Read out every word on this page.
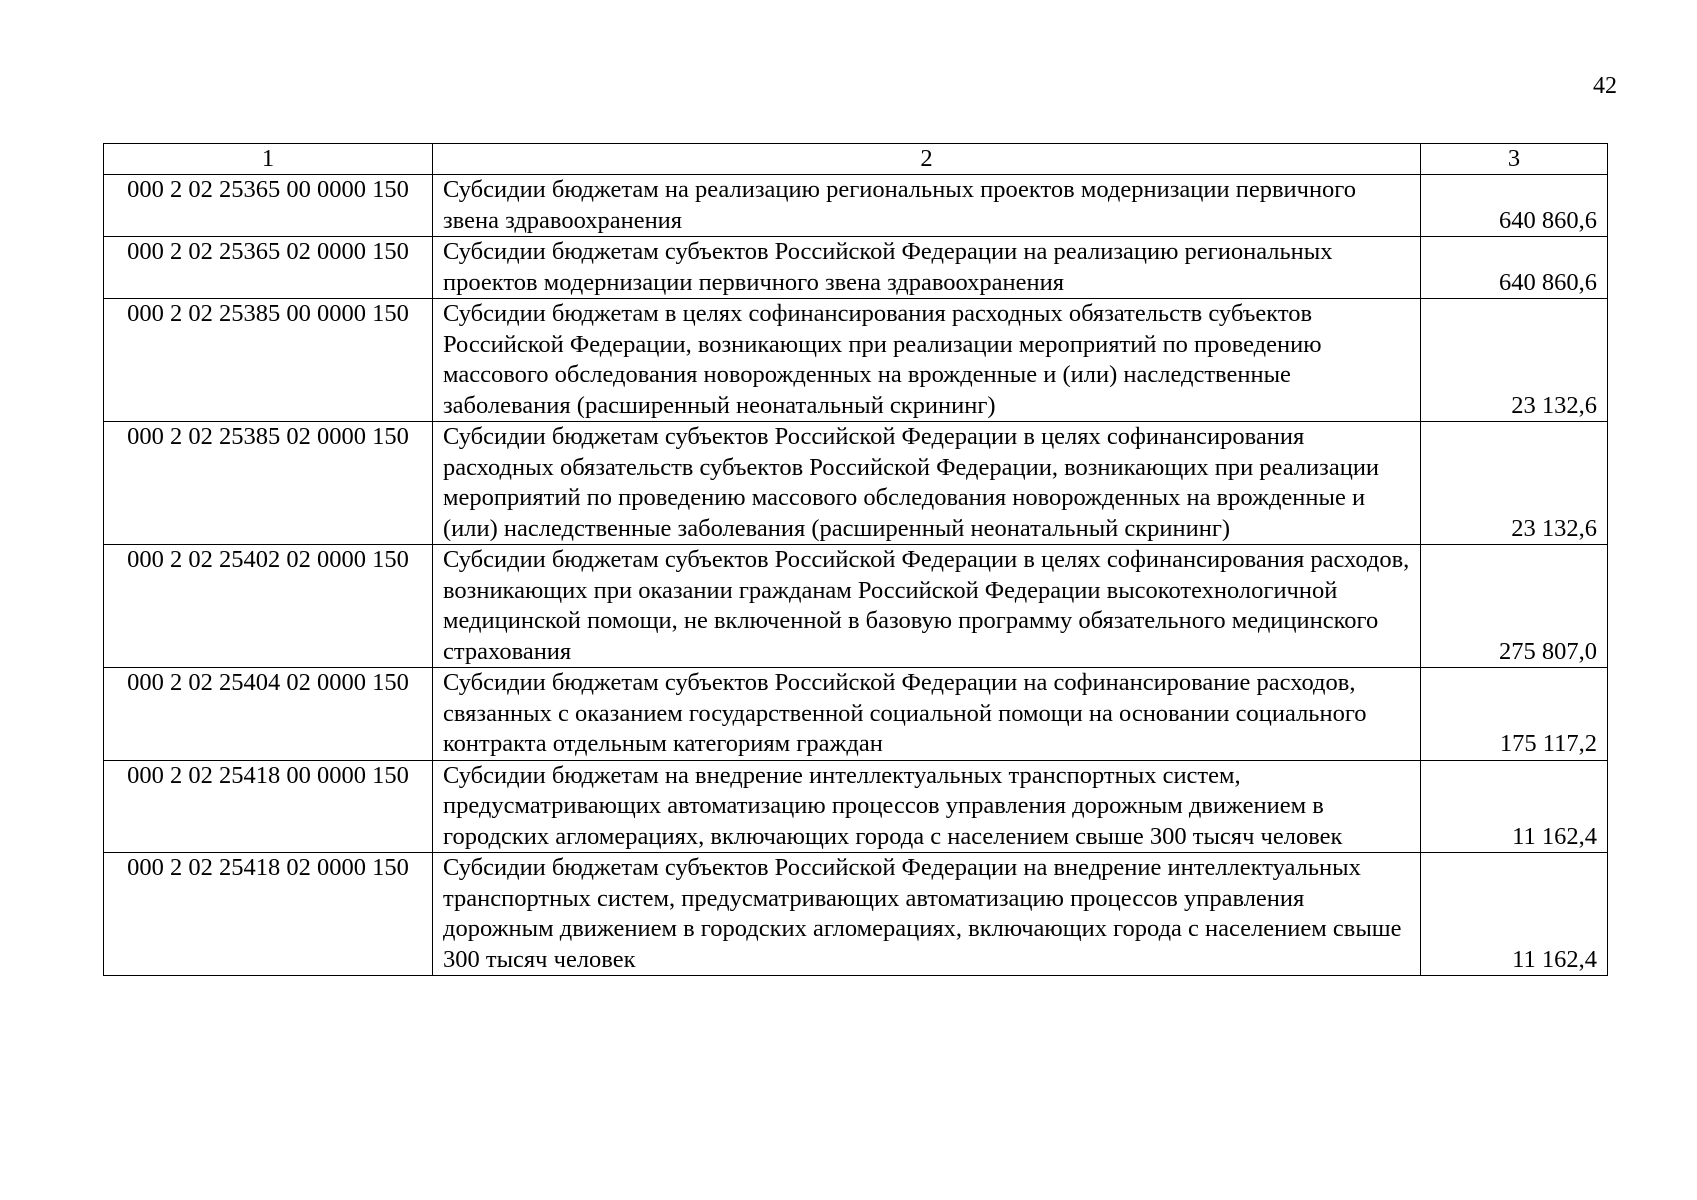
42
1	2	3
000 2 02 25365 00 0000 150	Субсидии бюджетам на реализацию региональных проектов модернизации первичного звена здравоохранения	640 860,6
000 2 02 25365 02 0000 150	Субсидии бюджетам субъектов Российской Федерации на реализацию региональных проектов модернизации первичного звена здравоохранения	640 860,6
000 2 02 25385 00 0000 150	Субсидии бюджетам в целях софинансирования расходных обязательств субъектов Российской Федерации, возникающих при реализации мероприятий по проведению массового обследования новорожденных на врожденные и (или) наследственные заболевания (расширенный неонатальный скрининг)	23 132,6
000 2 02 25385 02 0000 150	Субсидии бюджетам субъектов Российской Федерации в целях софинансирования расходных обязательств субъектов Российской Федерации, возникающих при реализации мероприятий по проведению массового обследования новорожденных на врожденные и (или) наследственные заболевания (расширенный неонатальный скрининг)	23 132,6
000 2 02 25402 02 0000 150	Субсидии бюджетам субъектов Российской Федерации в целях софинансирования расходов, возникающих при оказании гражданам Российской Федерации высокотехнологичной медицинской помощи, не включенной в базовую программу обязательного медицинского страхования	275 807,0
000 2 02 25404 02 0000 150	Субсидии бюджетам субъектов Российской Федерации на софинансирование расходов, связанных с оказанием государственной социальной помощи на основании социального контракта отдельным категориям граждан	175 117,2
000 2 02 25418 00 0000 150	Субсидии бюджетам на внедрение интеллектуальных транспортных систем, предусматривающих автоматизацию процессов управления дорожным движением в городских агломерациях, включающих города с населением свыше 300 тысяч человек	11 162,4
000 2 02 25418 02 0000 150	Субсидии бюджетам субъектов Российской Федерации на внедрение интеллектуальных транспортных систем, предусматривающих автоматизацию процессов управления дорожным движением в городских агломерациях, включающих города с населением свыше 300 тысяч человек	11 162,4
